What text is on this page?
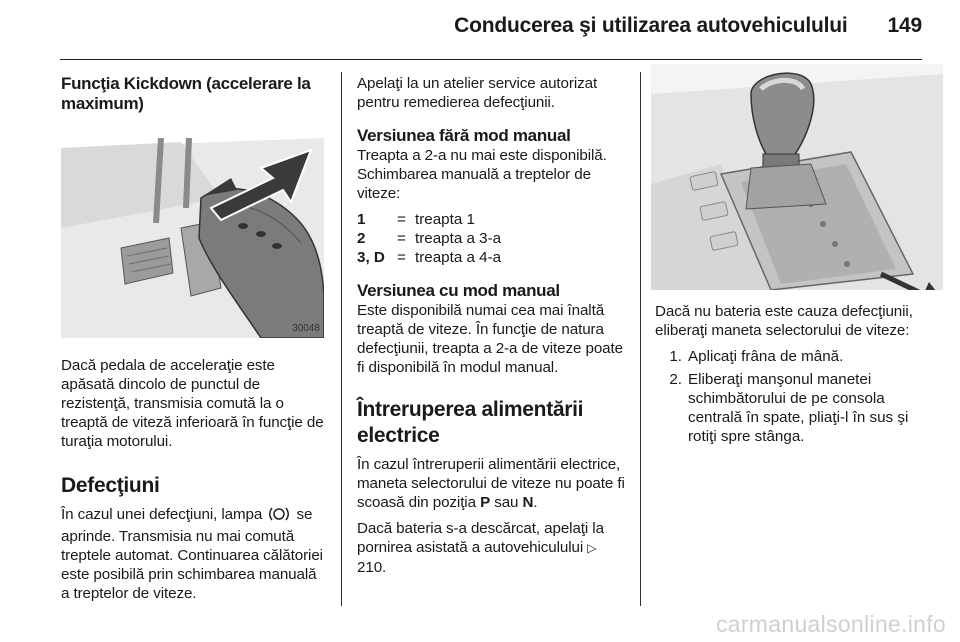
Conducerea şi utilizarea autovehiculului 149
Funcţia Kickdown (accelerare la maximum)
30048

Dacă pedala de acceleraţie este apăsată dincolo de punctul de rezistenţă, transmisia comută la o treaptă de viteză inferioară în funcţie de turaţia motorului.

Defecţiuni

În cazul unei defecţiuni, lampa se aprinde. Transmisia nu mai comută treptele automat. Continuarea călătoriei este posibilă prin schimbarea manuală a treptelor de viteze.

Apelaţi la un atelier service autorizat pentru remedierea defecţiunii.

Versiunea fără mod manual

Treapta a 2-a nu mai este disponibilă. Schimbarea manuală a treptelor de viteze:

1	=	treapta 1
2	=	treapta a 3-a
3, D	=	treapta a 4-a
Versiunea cu mod manual

Este disponibilă numai cea mai înaltă treaptă de viteze. În funcţie de natura defecţiunii, treapta a 2-a de viteze poate fi disponibilă în modul manual.

Întreruperea alimentării electrice

În cazul întreruperii alimentării electrice, maneta selectorului de viteze nu poate fi scoasă din poziţia P sau N.

Dacă bateria s-a descărcat, apelaţi la pornirea asistată a autovehiculului ▷ 210.

Dacă nu bateria este cauza defecţiunii, eliberaţi maneta selectorului de viteze:

1. Aplicaţi frâna de mână.
2. Eliberaţi manşonul manetei schimbătorului de pe consola centrală în spate, pliaţi-l în sus şi rotiţi spre stânga.
carmanualsonline.info
